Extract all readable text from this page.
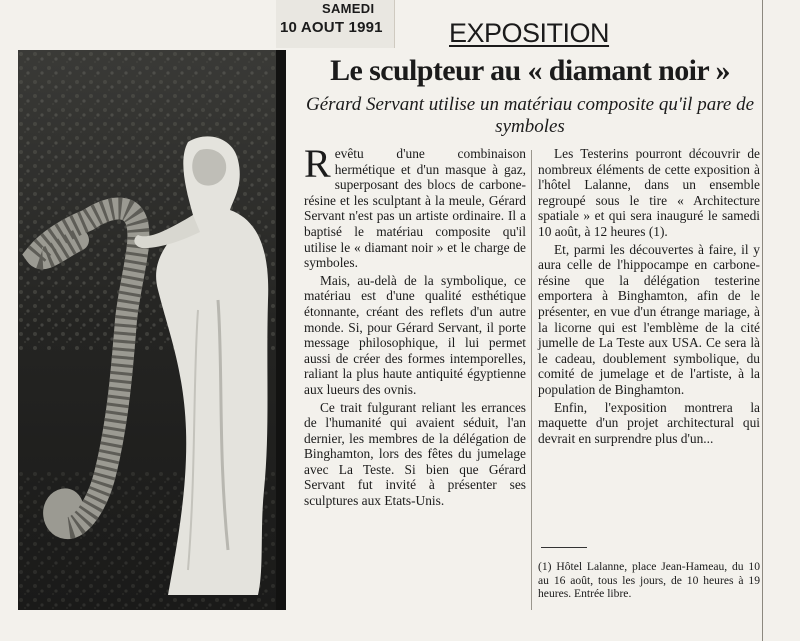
SAMEDI
10 AOUT 1991 EXPOSITION
Le sculpteur au « diamant noir »
Gérard Servant utilise un matériau composite qu'il pare de symboles

Revêtu d'une combinaison hermétique et d'un masque à gaz, superposant des blocs de carbone-résine et les sculptant à la meule, Gérard Servant n'est pas un artiste ordinaire. Il a baptisé le matériau composite qu'il utilise le « diamant noir » et le charge de symboles.

Mais, au-delà de la symbolique, ce matériau est d'une qualité esthétique étonnante, créant des reflets d'un autre monde. Si, pour Gérard Servant, il porte message philosophique, il lui permet aussi de créer des formes intemporelles, raliant la plus haute antiquité égyptienne aux lueurs des ovnis.

Ce trait fulgurant reliant les errances de l'humanité qui avaient séduit, l'an dernier, les membres de la délégation de Binghamton, lors des fêtes du jumelage avec La Teste. Si bien que Gérard Servant fut invité à présenter ses sculptures aux Etats-Unis.

Les Testerins pourront découvrir de nombreux éléments de cette exposition à l'hôtel Lalanne, dans un ensemble regroupé sous le tire « Architecture spatiale » et qui sera inauguré le samedi 10 août, à 12 heures (1).

Et, parmi les découvertes à faire, il y aura celle de l'hippocampe en carbone-résine que la délégation testerine emportera à Binghamton, afin de le présenter, en vue d'un étrange mariage, à la licorne qui est l'emblème de la cité jumelle de La Teste aux USA. Ce sera là le cadeau, doublement symbolique, du comité de jumelage et de l'artiste, à la population de Binghamton.

Enfin, l'exposition montrera la maquette d'un projet architectural qui devrait en surprendre plus d'un...

(1) Hôtel Lalanne, place Jean-Hameau, du 10 au 16 août, tous les jours, de 10 heures à 19 heures. Entrée libre.
